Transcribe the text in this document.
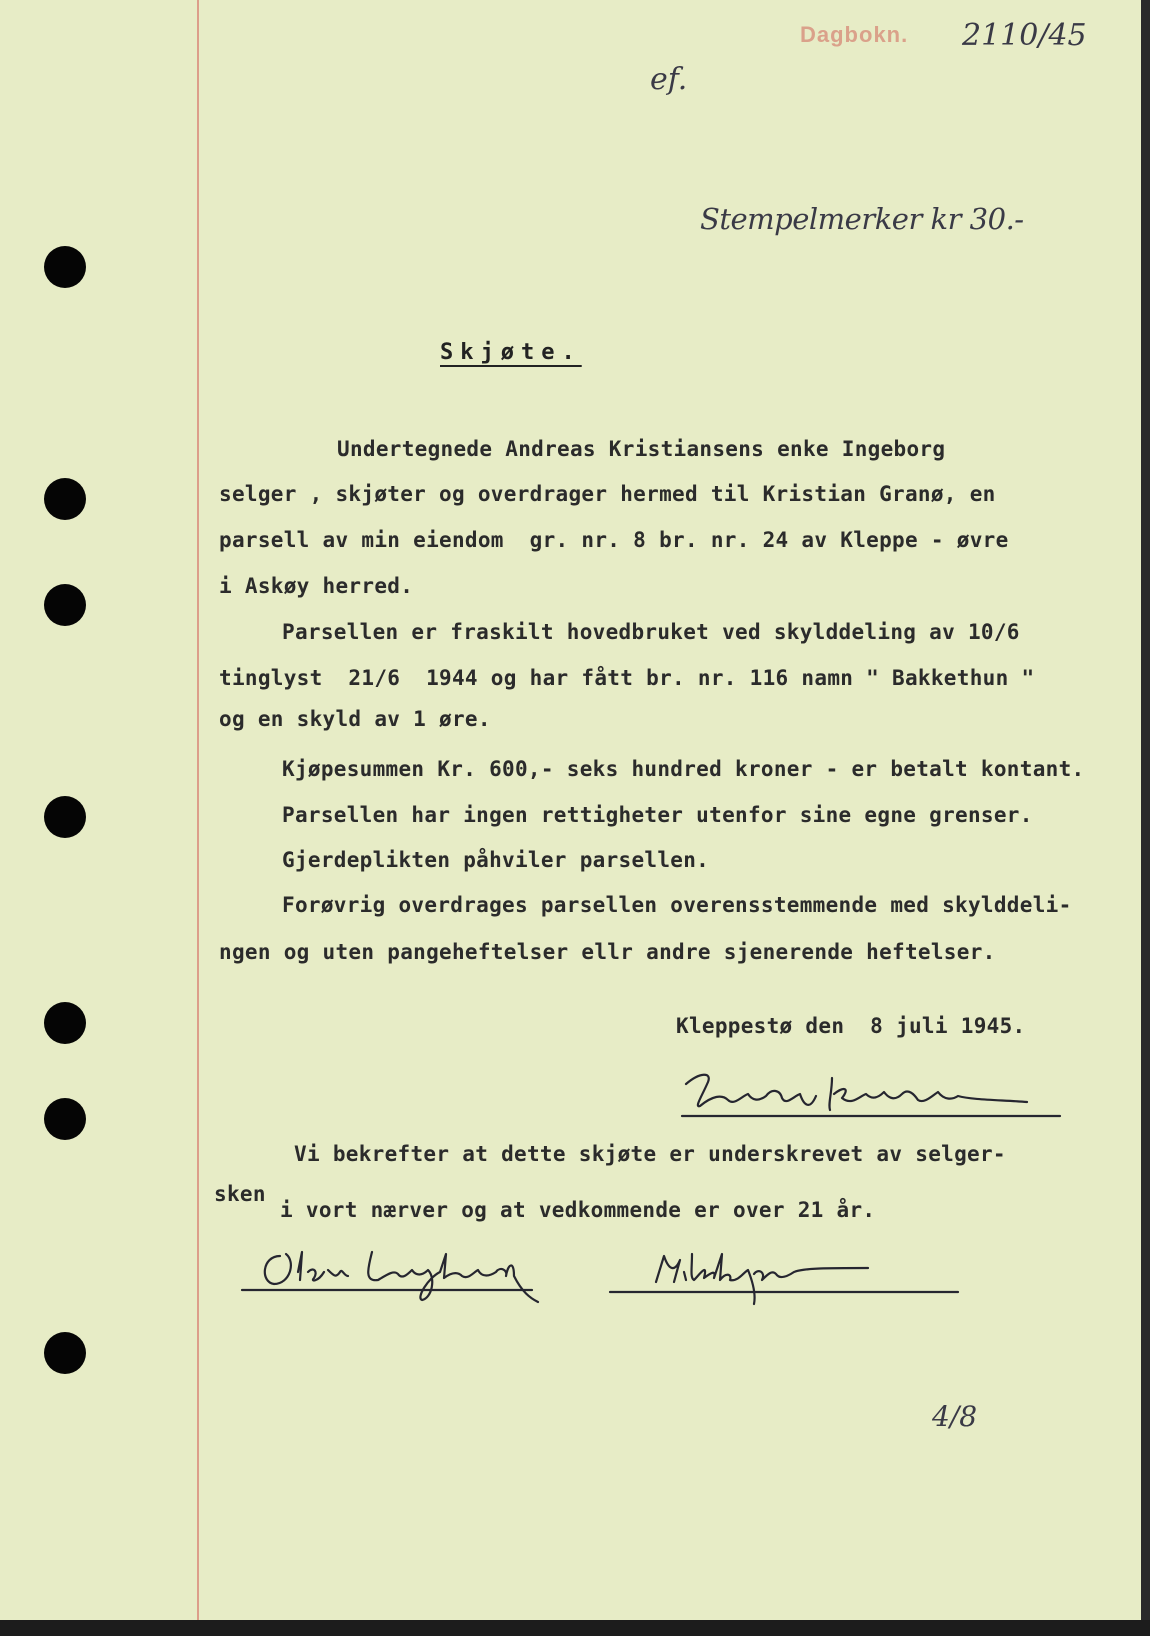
Dagbokn. 2110/45
ef.
Stempelmerker kr 30.-
Skjøte.
Undertegnede Andreas Kristiansens enke Ingeborg
selger , skjøter og overdrager hermed til Kristian Granø, en
parsell av min eiendom  gr. nr. 8 br. nr. 24 av Kleppe - øvre
i Askøy herred.
Parsellen er fraskilt hovedbruket ved skylddeling av 10/6
tinglyst  21/6  1944 og har fått br. nr. 116 namn " Bakkethun "
og en skyld av 1 øre.
Kjøpesummen Kr. 600,- seks hundred kroner - er betalt kontant.
Parsellen har ingen rettigheter utenfor sine egne grenser.
Gjerdeplikten påhviler parsellen.
Forøvrig overdrages parsellen overensstemmende med skylddeli-
ngen og uten pangeheftelser ellr andre sjenerende heftelser.
Kleppestø den  8 juli 1945.
Vi bekrefter at dette skjøte er underskrevet av selger-
sken
i vort nærver og at vedkommende er over 21 år.
4/8
